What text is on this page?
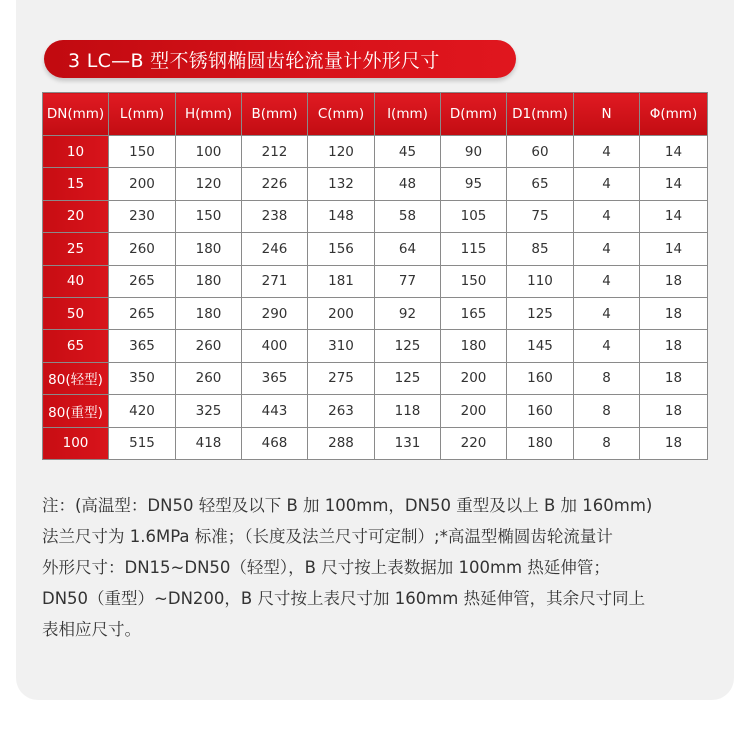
3 LC—B 型不锈钢椭圆齿轮流量计外形尺寸
DN(mm)	L(mm)	H(mm)	B(mm)	C(mm)	I(mm)	D(mm)	D1(mm)	N	Φ(mm)
10	150	100	212	120	45	90	60	4	14
15	200	120	226	132	48	95	65	4	14
20	230	150	238	148	58	105	75	4	14
25	260	180	246	156	64	115	85	4	14
40	265	180	271	181	77	150	110	4	18
50	265	180	290	200	92	165	125	4	18
65	365	260	400	310	125	180	145	4	18
80(轻型)	350	260	365	275	125	200	160	8	18
80(重型)	420	325	443	263	118	200	160	8	18
100	515	418	468	288	131	220	180	8	18
注：(高温型：DN50 轻型及以下 B 加 100mm，DN50 重型及以上 B 加 160mm)
法兰尺寸为 1.6MPa 标准；（长度及法兰尺寸可定制）;*高温型椭圆齿轮流量计
外形尺寸：DN15~DN50（轻型），B 尺寸按上表数据加 100mm 热延伸管；
DN50（重型）~DN200，B 尺寸按上表尺寸加 160mm 热延伸管，其余尺寸同上
表相应尺寸。
